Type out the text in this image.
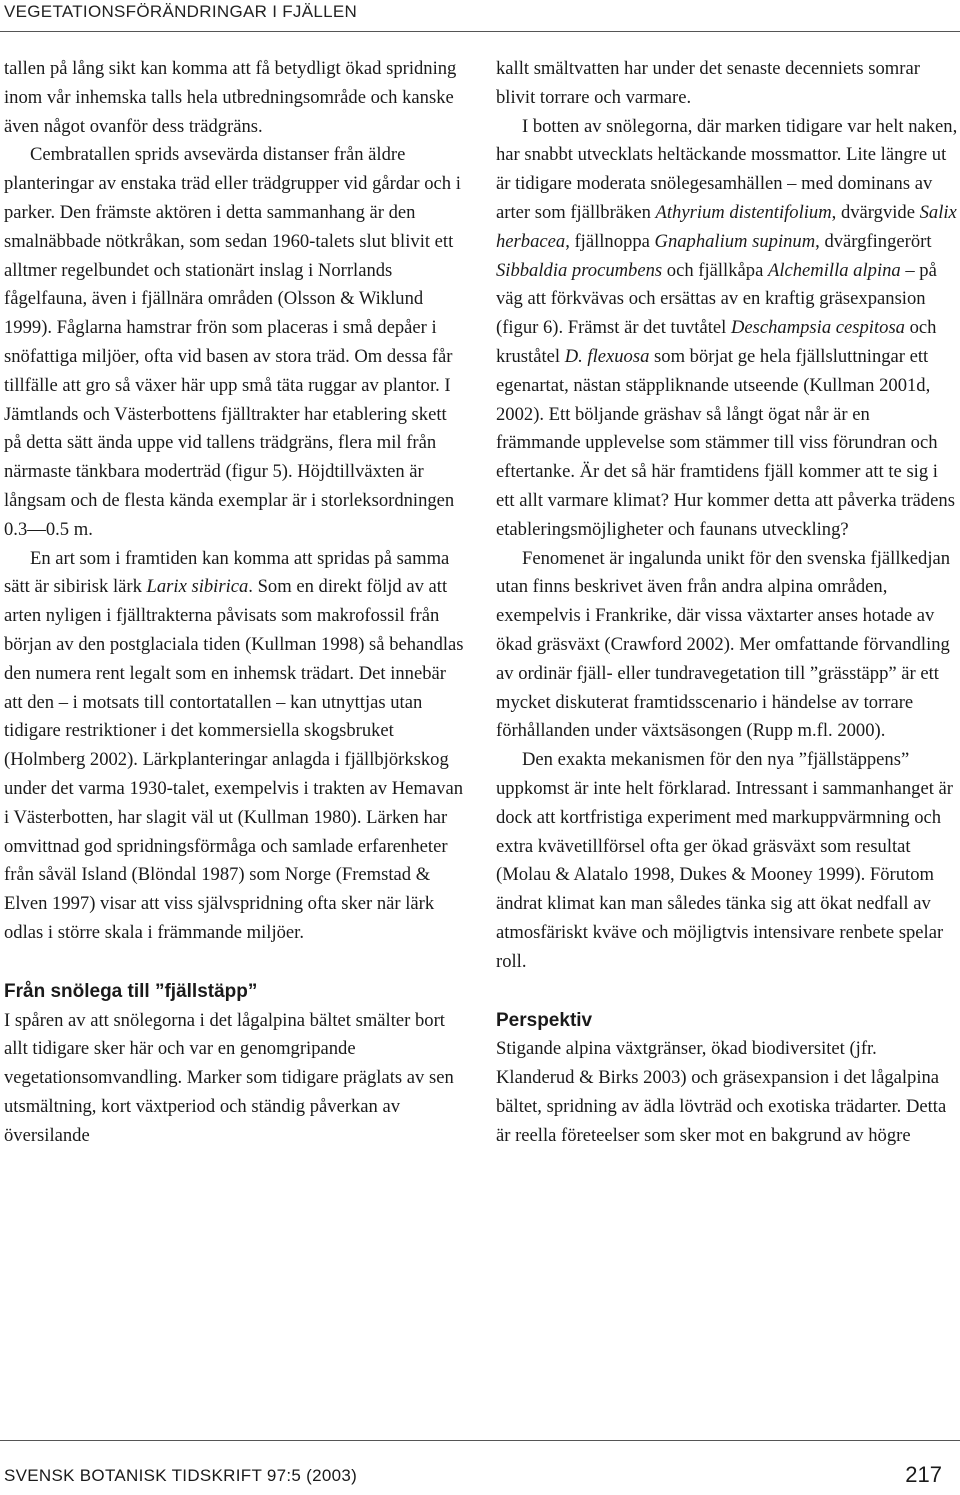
VEGETATIONSFÖRÄNDRINGAR I FJÄLLEN

tallen på lång sikt kan komma att få betydligt ökad spridning inom vår inhemska talls hela utbredningsområde och kanske även något ovanför dess trädgräns.

Cembratallen sprids avsevärda distanser från äldre planteringar av enstaka träd eller trädgrupper vid gårdar och i parker. Den främste aktören i detta sammanhang är den smalnäbbade nötkråkan, som sedan 1960-talets slut blivit ett alltmer regelbundet och stationärt inslag i Norrlands fågelfauna, även i fjällnära områden (Olsson & Wiklund 1999). Fåglarna hamstrar frön som placeras i små depåer i snöfattiga miljöer, ofta vid basen av stora träd. Om dessa får tillfälle att gro så växer här upp små täta ruggar av plantor. I Jämtlands och Västerbottens fjälltrakter har etablering skett på detta sätt ända uppe vid tallens trädgräns, flera mil från närmaste tänkbara moderträd (figur 5). Höjdtillväxten är långsam och de flesta kända exemplar är i storleksordningen 0.3—0.5 m.

En art som i framtiden kan komma att spridas på samma sätt är sibirisk lärk Larix sibirica. Som en direkt följd av att arten nyligen i fjälltrakterna påvisats som makrofossil från början av den postglaciala tiden (Kullman 1998) så behandlas den numera rent legalt som en inhemsk trädart. Det innebär att den – i motsats till contortatallen – kan utnyttjas utan tidigare restriktioner i det kommersiella skogsbruket (Holmberg 2002). Lärkplanteringar anlagda i fjällbjörkskog under det varma 1930-talet, exempelvis i trakten av Hemavan i Västerbotten, har slagit väl ut (Kullman 1980). Lärken har omvittnad god spridningsförmåga och samlade erfarenheter från såväl Island (Blöndal 1987) som Norge (Fremstad & Elven 1997) visar att viss självspridning ofta sker när lärk odlas i större skala i främmande miljöer.

Från snölega till ”fjällstäpp”

I spåren av att snölegorna i det lågalpina bältet smälter bort allt tidigare sker här och var en genomgripande vegetationsomvandling. Marker som tidigare präglats av sen utsmältning, kort växtperiod och ständig påverkan av översilande

kallt smältvatten har under det senaste decenniets somrar blivit torrare och varmare.

I botten av snölegorna, där marken tidigare var helt naken, har snabbt utvecklats heltäckande mossmattor. Lite längre ut är tidigare moderata snölegesamhällen – med dominans av arter som fjällbräken Athyrium distentifolium, dvärgvide Salix herbacea, fjällnoppa Gnaphalium supinum, dvärgfingerört Sibbaldia procumbens och fjällkåpa Alchemilla alpina – på väg att förkvävas och ersättas av en kraftig gräsexpansion (figur 6). Främst är det tuvtåtel Deschampsia cespitosa och kruståtel D. flexuosa som börjat ge hela fjällsluttningar ett egenartat, nästan stäppliknande utseende (Kullman 2001d, 2002). Ett böljande gräshav så långt ögat når är en främmande upplevelse som stämmer till viss förundran och eftertanke. Är det så här framtidens fjäll kommer att te sig i ett allt varmare klimat? Hur kommer detta att påverka trädens etableringsmöjligheter och faunans utveckling?

Fenomenet är ingalunda unikt för den svenska fjällkedjan utan finns beskrivet även från andra alpina områden, exempelvis i Frankrike, där vissa växtarter anses hotade av ökad gräsväxt (Crawford 2002). Mer omfattande förvandling av ordinär fjäll- eller tundravegetation till ”grässtäpp” är ett mycket diskuterat framtidsscenario i händelse av torrare förhållanden under växtsäsongen (Rupp m.fl. 2000).

Den exakta mekanismen för den nya ”fjällstäppens” uppkomst är inte helt förklarad. Intressant i sammanhanget är dock att kortfristiga experiment med markuppvärmning och extra kvävetillförsel ofta ger ökad gräsväxt som resultat (Molau & Alatalo 1998, Dukes & Mooney 1999). Förutom ändrat klimat kan man således tänka sig att ökat nedfall av atmosfäriskt kväve och möjligtvis intensivare renbete spelar roll.

Perspektiv

Stigande alpina växtgränser, ökad biodiversitet (jfr. Klanderud & Birks 2003) och gräsexpansion i det lågalpina bältet, spridning av ädla lövträd och exotiska trädarter. Detta är reella företeelser som sker mot en bakgrund av högre

SVENSK BOTANISK TIDSKRIFT 97:5 (2003)	217
